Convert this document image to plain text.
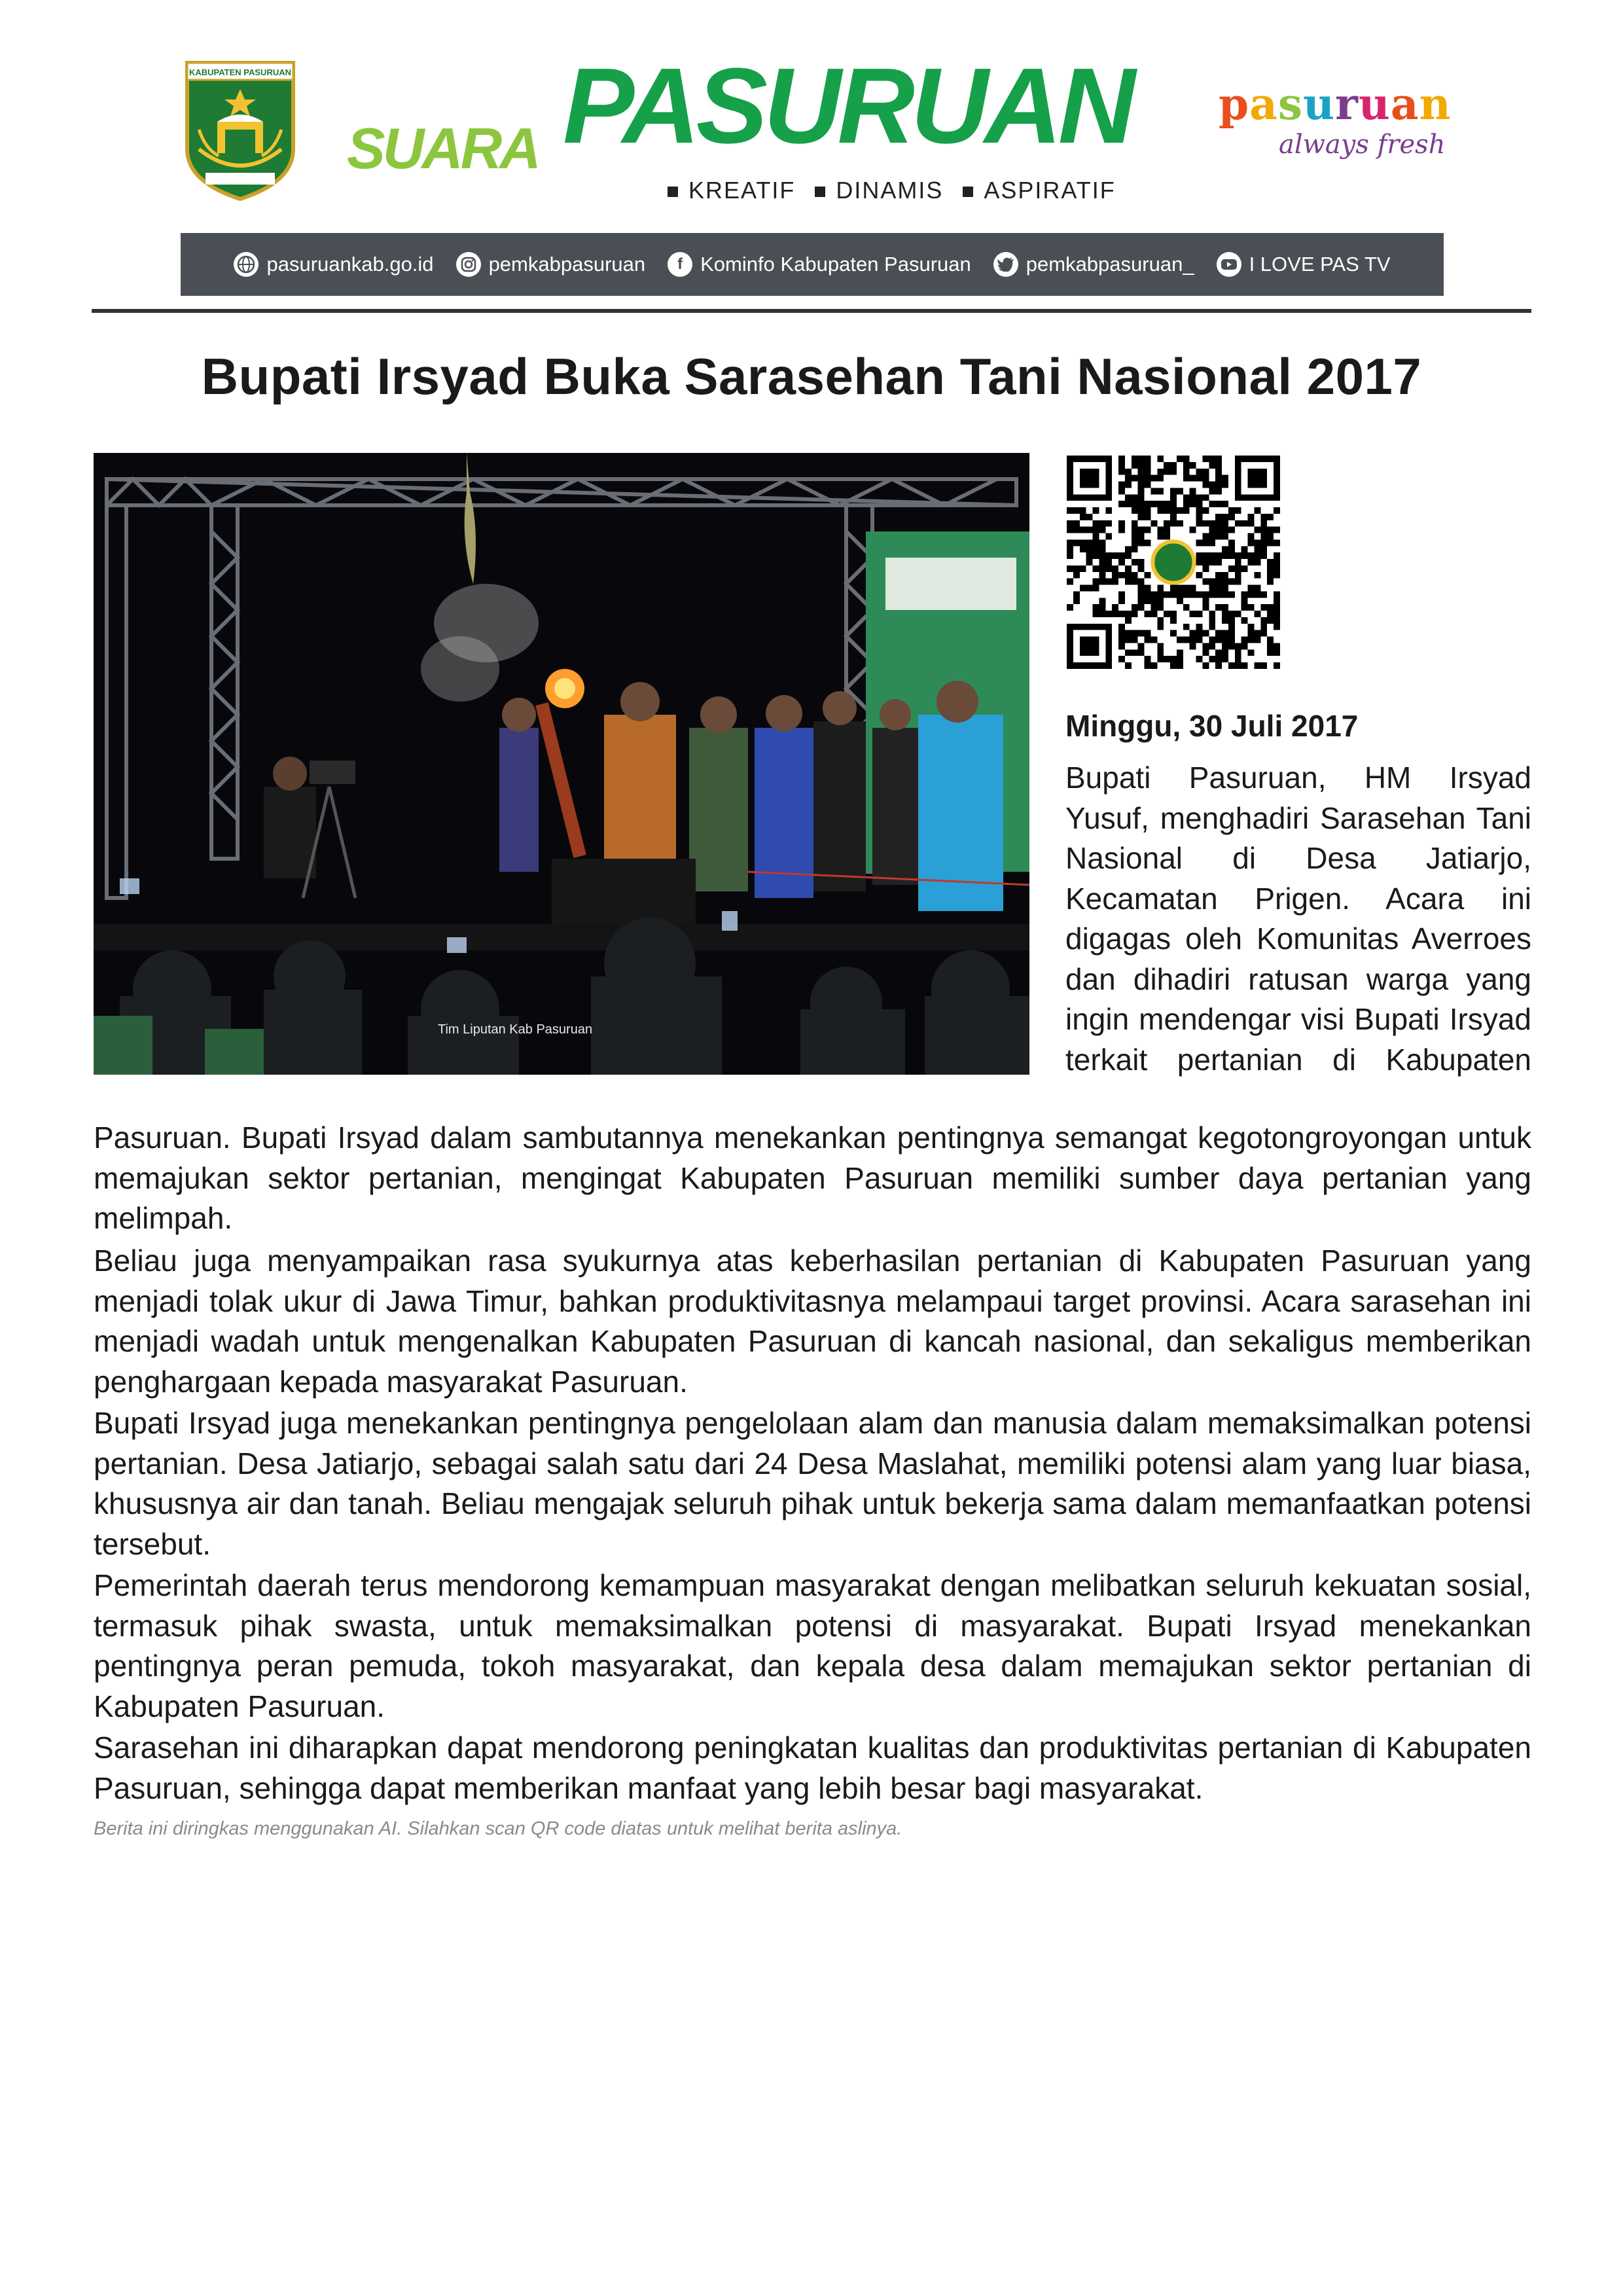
KABUPATEN PASURUAN
SUARA PASURUAN
KREATIF	DINAMIS	ASPIRATIF
pasuruan
always fresh
pasuruankab.go.id	pemkabpasuruan	f Kominfo Kabupaten Pasuruan	pemkabpasuruan_	I LOVE PAS TV
Bupati Irsyad Buka Sarasehan Tani Nasional 2017
Tim Liputan Kab Pasuruan
Minggu, 30 Juli 2017
Bupati Pasuruan, HM Irsyad Yusuf, menghadiri Sarasehan Tani Nasional di Desa Jatiarjo, Kecamatan Prigen. Acara ini digagas oleh Komunitas Averroes dan dihadiri ratusan warga yang ingin mendengar visi Bupati Irsyad terkait pertanian di Kabupaten
Pasuruan. Bupati Irsyad dalam sambutannya menekankan pentingnya semangat kegotongroyongan untuk memajukan sektor pertanian, mengingat Kabupaten Pasuruan memiliki sumber daya pertanian yang melimpah.
Beliau juga menyampaikan rasa syukurnya atas keberhasilan pertanian di Kabupaten Pasuruan yang menjadi tolak ukur di Jawa Timur, bahkan produktivitasnya melampaui target provinsi. Acara sarasehan ini menjadi wadah untuk mengenalkan Kabupaten Pasuruan di kancah nasional, dan sekaligus memberikan penghargaan kepada masyarakat Pasuruan.
Bupati Irsyad juga menekankan pentingnya pengelolaan alam dan manusia dalam memaksimalkan potensi pertanian. Desa Jatiarjo, sebagai salah satu dari 24 Desa Maslahat, memiliki potensi alam yang luar biasa, khususnya air dan tanah. Beliau mengajak seluruh pihak untuk bekerja sama dalam memanfaatkan potensi tersebut.
Pemerintah daerah terus mendorong kemampuan masyarakat dengan melibatkan seluruh kekuatan sosial, termasuk pihak swasta, untuk memaksimalkan potensi di masyarakat. Bupati Irsyad menekankan pentingnya peran pemuda, tokoh masyarakat, dan kepala desa dalam memajukan sektor pertanian di Kabupaten Pasuruan.
Sarasehan ini diharapkan dapat mendorong peningkatan kualitas dan produktivitas pertanian di Kabupaten Pasuruan, sehingga dapat memberikan manfaat yang lebih besar bagi masyarakat.
Berita ini diringkas menggunakan AI. Silahkan scan QR code diatas untuk melihat berita aslinya.
